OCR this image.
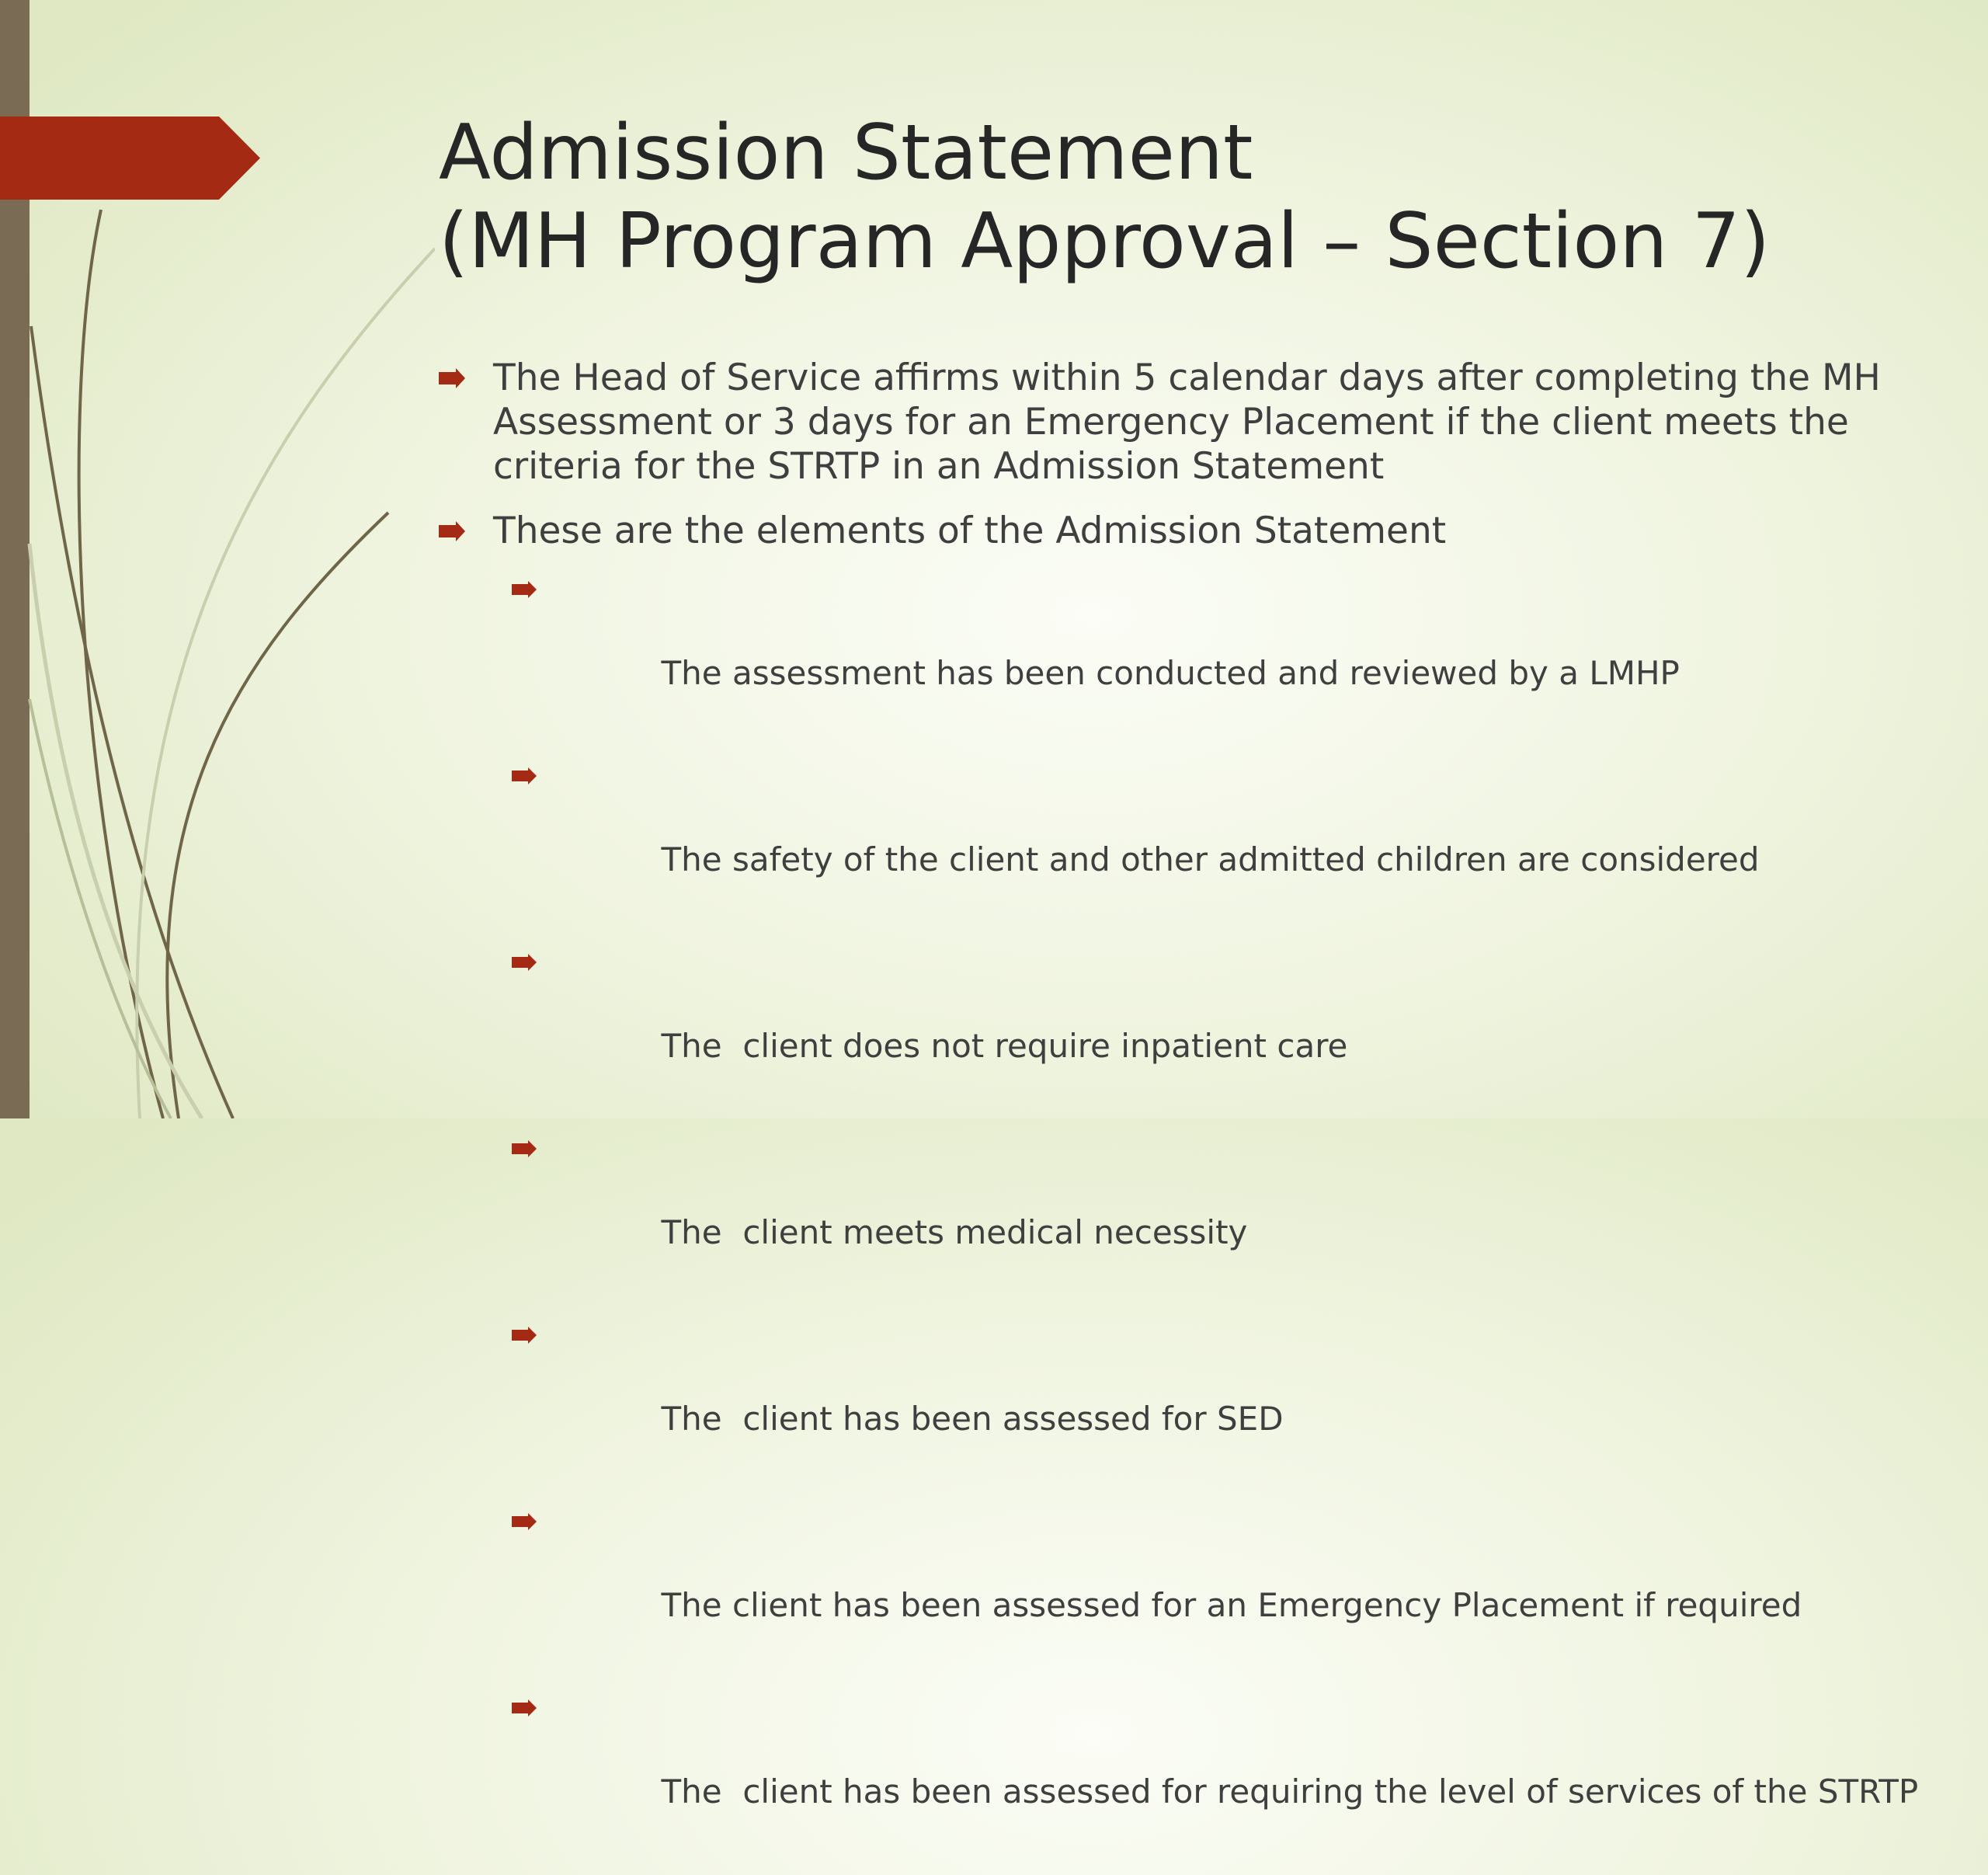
Admission Statement
(MH Program Approval – Section 7)
The Head of Service affirms within 5 calendar days after completing the MH Assessment or 3 days for an Emergency Placement if the client meets the criteria for the STRTP in an Admission Statement
These are the elements of the Admission Statement

The assessment has been conducted and reviewed by a LMHP

The safety of the client and other admitted children are considered

The  client does not require inpatient care

The  client meets medical necessity

The  client has been assessed for SED

The client has been assessed for an Emergency Placement if required

The  client has been assessed for requiring the level of services of the STRTP
